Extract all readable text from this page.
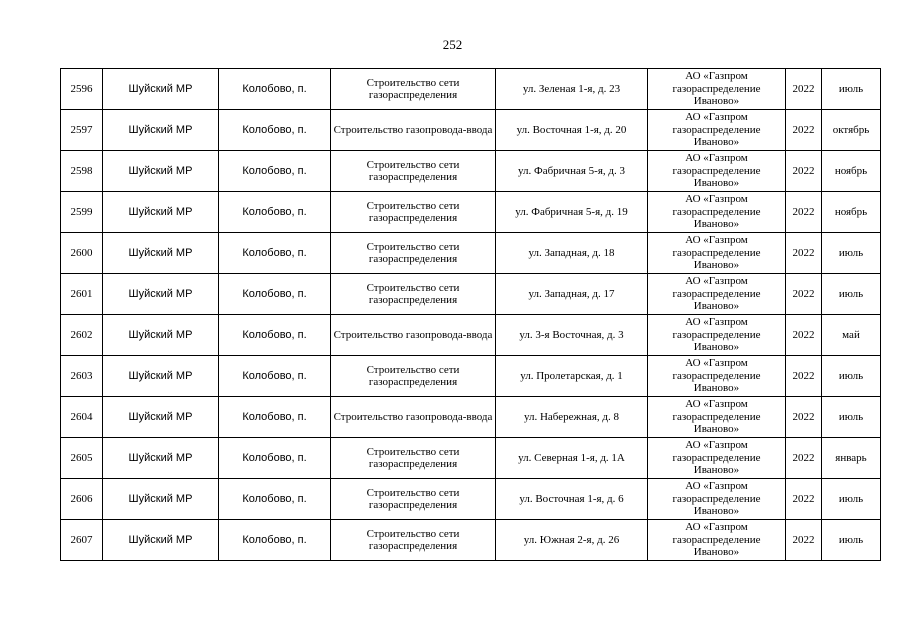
252
2596	Шуйский МР	Колобово, п.	Строительство сети газораспределения	ул. Зеленая 1-я, д. 23	АО «Газпром газораспределение Иваново»	2022	июль
2597	Шуйский МР	Колобово, п.	Строительство газопровода-ввода	ул. Восточная 1-я, д. 20	АО «Газпром газораспределение Иваново»	2022	октябрь
2598	Шуйский МР	Колобово, п.	Строительство сети газораспределения	ул. Фабричная 5-я, д. 3	АО «Газпром газораспределение Иваново»	2022	ноябрь
2599	Шуйский МР	Колобово, п.	Строительство сети газораспределения	ул. Фабричная 5-я, д. 19	АО «Газпром газораспределение Иваново»	2022	ноябрь
2600	Шуйский МР	Колобово, п.	Строительство сети газораспределения	ул. Западная, д. 18	АО «Газпром газораспределение Иваново»	2022	июль
2601	Шуйский МР	Колобово, п.	Строительство сети газораспределения	ул. Западная, д. 17	АО «Газпром газораспределение Иваново»	2022	июль
2602	Шуйский МР	Колобово, п.	Строительство газопровода-ввода	ул. 3-я Восточная, д. 3	АО «Газпром газораспределение Иваново»	2022	май
2603	Шуйский МР	Колобово, п.	Строительство сети газораспределения	ул. Пролетарская, д. 1	АО «Газпром газораспределение Иваново»	2022	июль
2604	Шуйский МР	Колобово, п.	Строительство газопровода-ввода	ул. Набережная, д. 8	АО «Газпром газораспределение Иваново»	2022	июль
2605	Шуйский МР	Колобово, п.	Строительство сети газораспределения	ул. Северная 1-я, д. 1А	АО «Газпром газораспределение Иваново»	2022	январь
2606	Шуйский МР	Колобово, п.	Строительство сети газораспределения	ул. Восточная 1-я, д. 6	АО «Газпром газораспределение Иваново»	2022	июль
2607	Шуйский МР	Колобово, п.	Строительство сети газораспределения	ул. Южная 2-я, д. 26	АО «Газпром газораспределение Иваново»	2022	июль
